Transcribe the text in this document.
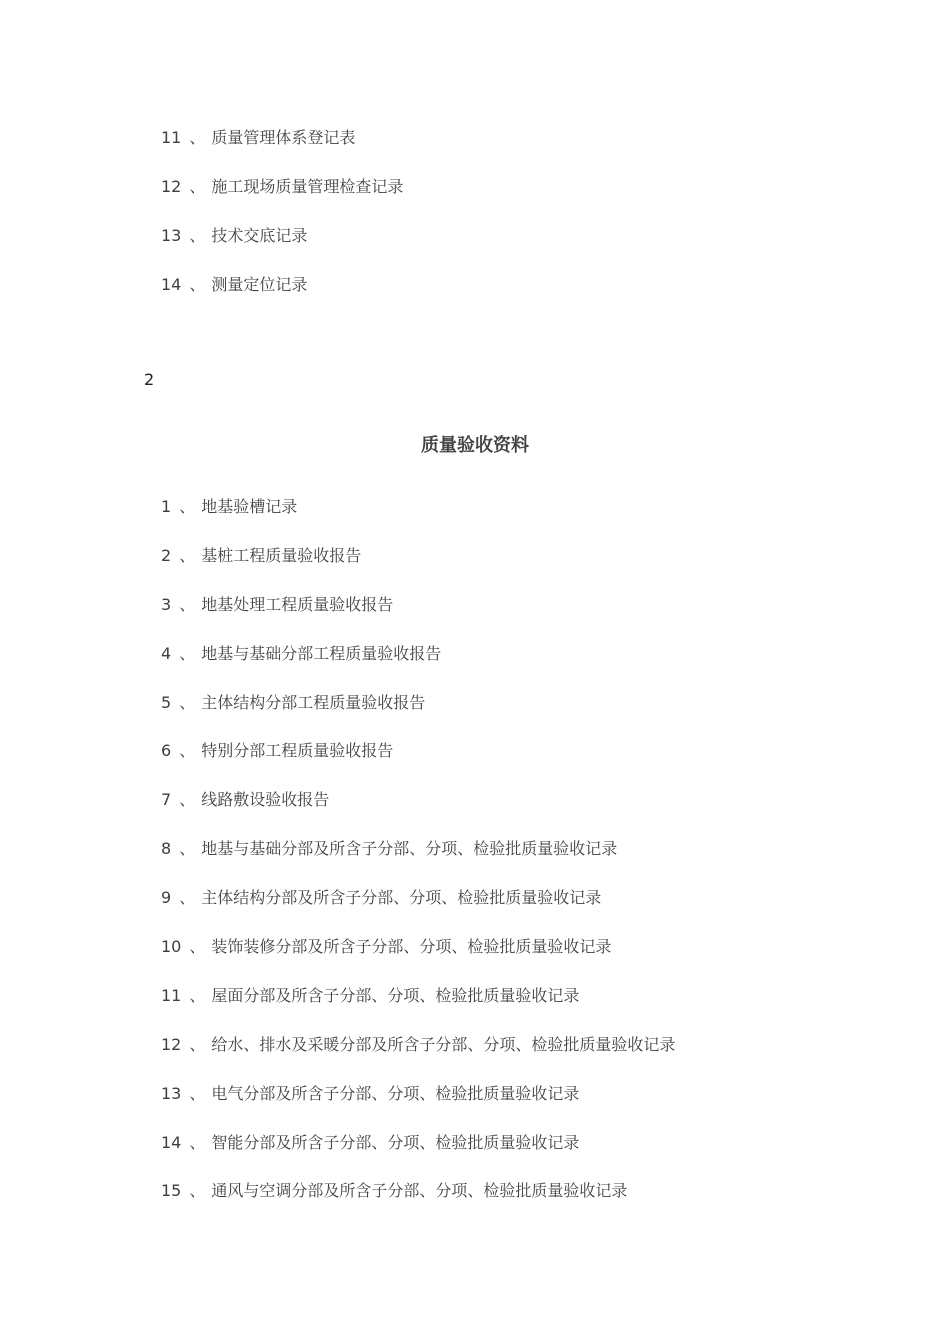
11 、 质量管理体系登记表
12 、 施工现场质量管理检查记录
13 、 技术交底记录
14 、 测量定位记录
2
质量验收资料
1 、 地基验槽记录
2 、 基桩工程质量验收报告
3 、 地基处理工程质量验收报告
4 、 地基与基础分部工程质量验收报告
5 、 主体结构分部工程质量验收报告
6 、 特别分部工程质量验收报告
7 、 线路敷设验收报告
8 、 地基与基础分部及所含子分部、分项、检验批质量验收记录
9 、 主体结构分部及所含子分部、分项、检验批质量验收记录
10 、 装饰装修分部及所含子分部、分项、检验批质量验收记录
11 、 屋面分部及所含子分部、分项、检验批质量验收记录
12 、 给水、排水及采暖分部及所含子分部、分项、检验批质量验收记录
13 、 电气分部及所含子分部、分项、检验批质量验收记录
14 、 智能分部及所含子分部、分项、检验批质量验收记录
15 、 通风与空调分部及所含子分部、分项、检验批质量验收记录
